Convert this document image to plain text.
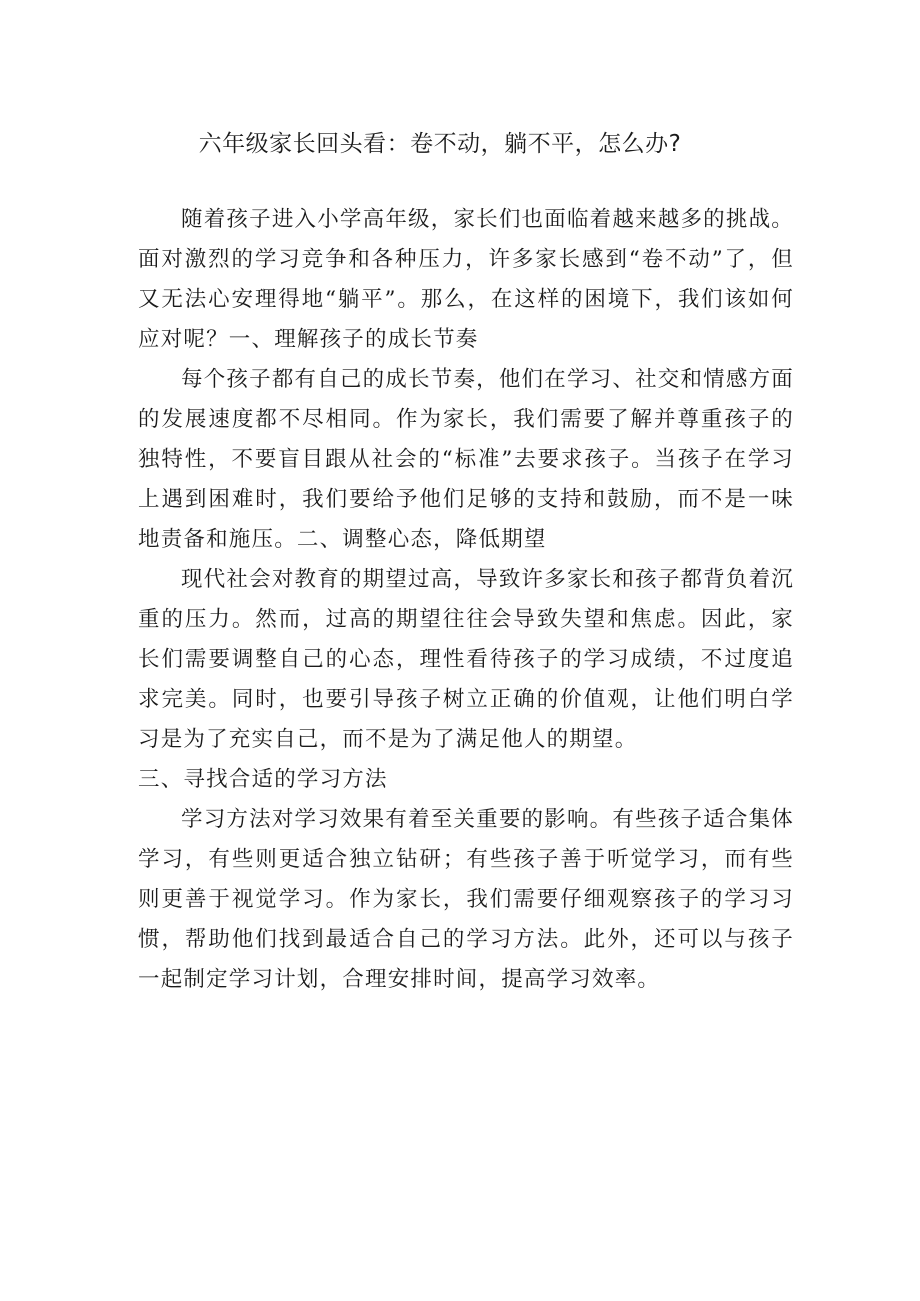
六年级家长回头看：卷不动，躺不平，怎么办?

随着孩子进入小学高年级，家长们也面临着越来越多的挑战。面对激烈的学习竞争和各种压力，许多家长感到“卷不动”了，但又无法心安理得地“躺平”。那么，在这样的困境下，我们该如何应对呢？一、理解孩子的成长节奏

每个孩子都有自己的成长节奏，他们在学习、社交和情感方面的发展速度都不尽相同。作为家长，我们需要了解并尊重孩子的独特性，不要盲目跟从社会的“标准”去要求孩子。当孩子在学习上遇到困难时，我们要给予他们足够的支持和鼓励，而不是一味地责备和施压。二、调整心态，降低期望

现代社会对教育的期望过高，导致许多家长和孩子都背负着沉重的压力。然而，过高的期望往往会导致失望和焦虑。因此，家长们需要调整自己的心态，理性看待孩子的学习成绩，不过度追求完美。同时，也要引导孩子树立正确的价值观，让他们明白学习是为了充实自己，而不是为了满足他人的期望。

三、寻找合适的学习方法

学习方法对学习效果有着至关重要的影响。有些孩子适合集体学习，有些则更适合独立钻研；有些孩子善于听觉学习，而有些则更善于视觉学习。作为家长，我们需要仔细观察孩子的学习习惯，帮助他们找到最适合自己的学习方法。此外，还可以与孩子一起制定学习计划，合理安排时间，提高学习效率。
